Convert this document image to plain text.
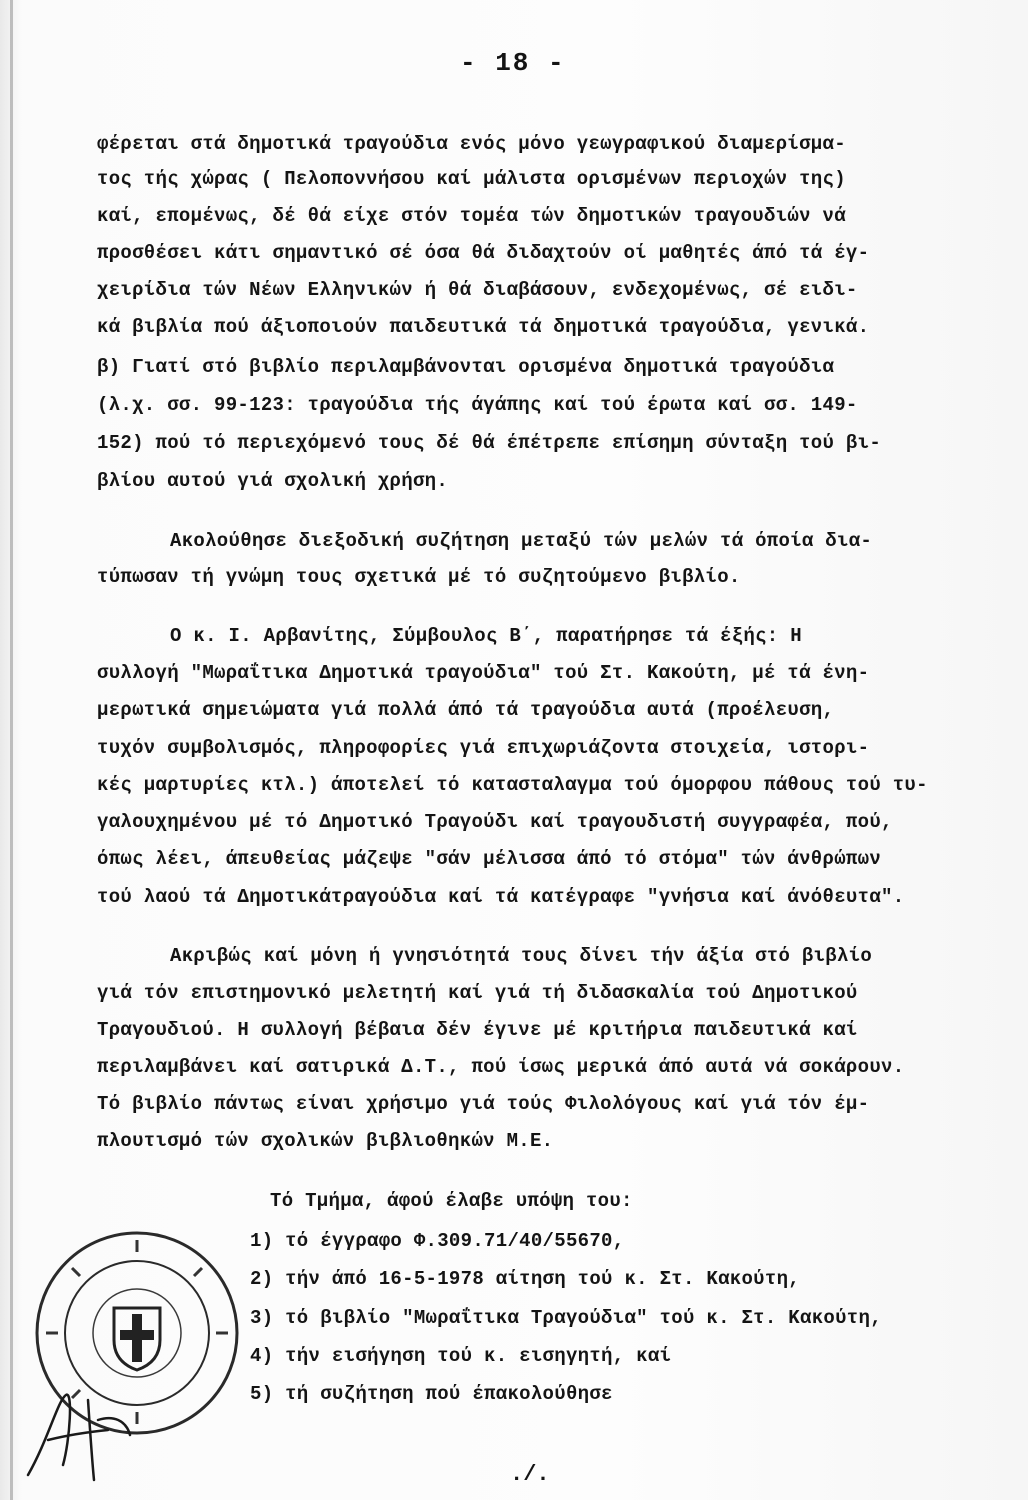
- 18 -
φέρεται στά δημοτικά τραγούδια ενός μόνο γεωγραφικού διαμερίσμα-
τος τής χώρας ( Πελοποννήσου καί μάλιστα ορισμένων περιοχών της)
καί, επομένως, δέ θά είχε στόν τομέα τών δημοτικών τραγουδιών νά
προσθέσει κάτι σημαντικό σέ όσα θά διδαχτούν οί μαθητές άπό τά έγ-
χειρίδια τών Νέων Ελληνικών ή θά διαβάσουν, ενδεχομένως, σέ ειδι-
κά βιβλία πού άξιοποιούν παιδευτικά τά δημοτικά τραγούδια, γενικά.
β) Γιατί στό βιβλίο περιλαμβάνονται ορισμένα δημοτικά τραγούδια
(λ.χ. σσ. 99-123: τραγούδια τής άγάπης καί τού έρωτα καί σσ. 149-
152) πού τό περιεχόμενό τους δέ θά έπέτρεπε επίσημη σύνταξη τού βι-
βλίου αυτού γιά σχολική χρήση.
Ακολούθησε διεξοδική συζήτηση μεταξύ τών μελών τά όποία δια-
τύπωσαν τή γνώμη τους σχετικά μέ τό συζητούμενο βιβλίο.
Ο κ. Ι. Αρβανίτης, Σύμβουλος Β΄, παρατήρησε τά έξής: Η
συλλογή "Μωραΐτικα Δημοτικά τραγούδια" τού Στ. Κακούτη, μέ τά ένη-
μερωτικά σημειώματα γιά πολλά άπό τά τραγούδια αυτά (προέλευση,
τυχόν συμβολισμός, πληροφορίες γιά επιχωριάζοντα στοιχεία, ιστορι-
κές μαρτυρίες κτλ.) άποτελεί τό κατασταλαγμα τού όμορφου πάθους τού τυ-
γαλουχημένου μέ τό Δημοτικό Τραγούδι καί τραγουδιστή συγγραφέα, πού,
όπως λέει, άπευθείας μάζεψε "σάν μέλισσα άπό τό στόμα" τών άνθρώπων
τού λαού τά Δημοτικάτραγούδια καί τά κατέγραφε "γνήσια καί άνόθευτα".
Ακριβώς καί μόνη ή γνησιότητά τους δίνει τήν άξία στό βιβλίο
γιά τόν επιστημονικό μελετητή καί γιά τή διδασκαλία τού Δημοτικού
Τραγουδιού. Η συλλογή βέβαια δέν έγινε μέ κριτήρια παιδευτικά καί
περιλαμβάνει καί σατιρικά Δ.Τ., πού ίσως μερικά άπό αυτά νά σοκάρουν.
Τό βιβλίο πάντως είναι χρήσιμο γιά τούς Φιλολόγους καί γιά τόν έμ-
πλουτισμό τών σχολικών βιβλιοθηκών Μ.Ε.
Τό Τμήμα, άφού έλαβε υπόψη του:
1) τό έγγραφο Φ.309.71/40/55670,
2) τήν άπό 16-5-1978 αίτηση τού κ. Στ. Κακούτη,
3) τό βιβλίο "Μωραΐτικα Τραγούδια" τού κ. Στ. Κακούτη,
4) τήν εισήγηση τού κ. εισηγητή, καί
5) τή συζήτηση πού έπακολούθησε
./.
